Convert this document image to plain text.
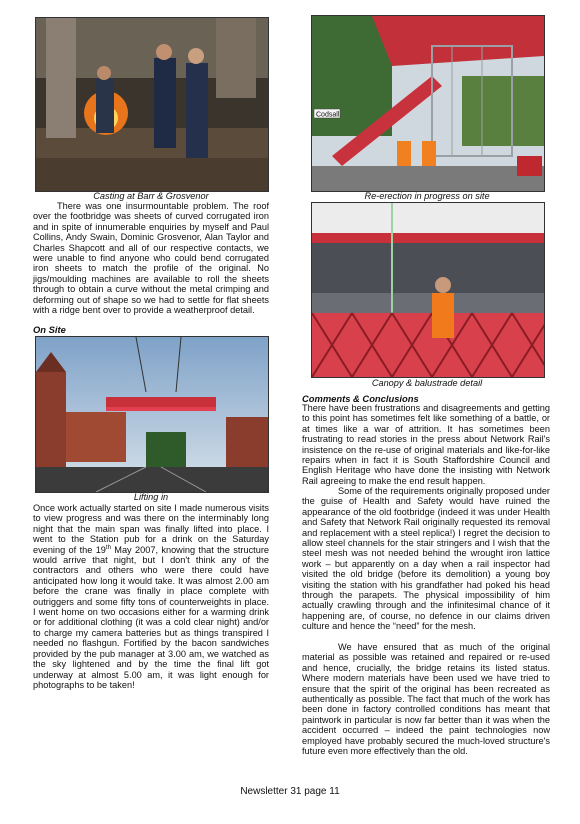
Casting at Barr & Grosvenor
There was one insurmountable problem. The roof over the footbridge was sheets of curved corrugated iron and in spite of innumerable enquiries by myself and Paul Collins, Andy Swain, Dominic Grosvenor, Alan Taylor and Charles Shapcott and all of our respective contacts, we were unable to find anyone who could bend corrugated iron sheets to match the profile of the original. No jigs/moulding machines are available to roll the sheets through to obtain a curve without the metal crimping and deforming out of shape so we had to settle for flat sheets with a ridge bent over to provide a weatherproof detail.
On Site
Lifting in
Once work actually started on site I made numerous visits to view progress and was there on the interminably long night that the main span was finally lifted into place. I went to the Station pub for a drink on the Saturday evening of the 19th May 2007, knowing that the structure would arrive that night, but I don't think any of the contractors and others who were there could have anticipated how long it would take. It was almost 2.00 am before the crane was finally in place complete with outriggers and some fifty tons of counterweights in place. I went home on two occasions either for a warming drink or for additional clothing (it was a cold clear night) and/or to charge my camera batteries but as things transpired I needed no flashgun. Fortified by the bacon sandwiches provided by the pub manager at 3.00 am, we watched as the sky lightened and by the time the final lift got underway at almost 5.00 am, it was light enough for photographs to be taken!
Codsall
Re-erection in progress on site
Canopy & balustrade detail
Comments & Conclusions
There have been frustrations and disagreements and getting to this point has sometimes felt like something of a battle, or at times like a war of attrition. It has sometimes been frustrating to read stories in the press about Network Rail's insistence on the re-use of original materials and like-for-like repairs when in fact it is South Staffordshire Council and English Heritage who have done the insisting with Network Rail agreeing to make the end result happen.
Some of the requirements originally proposed under the guise of Health and Safety would have ruined the appearance of the old footbridge (indeed it was under Health and Safety that Network Rail originally requested its removal and replacement with a steel replica!) I regret the decision to allow steel channels for the stair stringers and I wish that the steel mesh was not needed behind the wrought iron lattice work – but apparently on a day when a rail inspector had visited the old bridge (before its demolition) a young boy visiting the station with his grandfather had poked his head through the parapets. The physical impossibility of him actually crawling through and the infinitesimal chance of it happening are, of course, no defence in our claims driven culture and hence the “need” for the mesh.
We have ensured that as much of the original material as possible was retained and repaired or re-used and hence, crucially, the bridge retains its listed status. Where modern materials have been used we have tried to ensure that the spirit of the original has been recreated as authentically as possible. The fact that much of the work has been done in factory controlled conditions has meant that paintwork in particular is now far better than it was when the accident occurred – indeed the paint technologies now employed have probably secured the much-loved structure's future even more effectively than the old.
Newsletter 31 page 11
